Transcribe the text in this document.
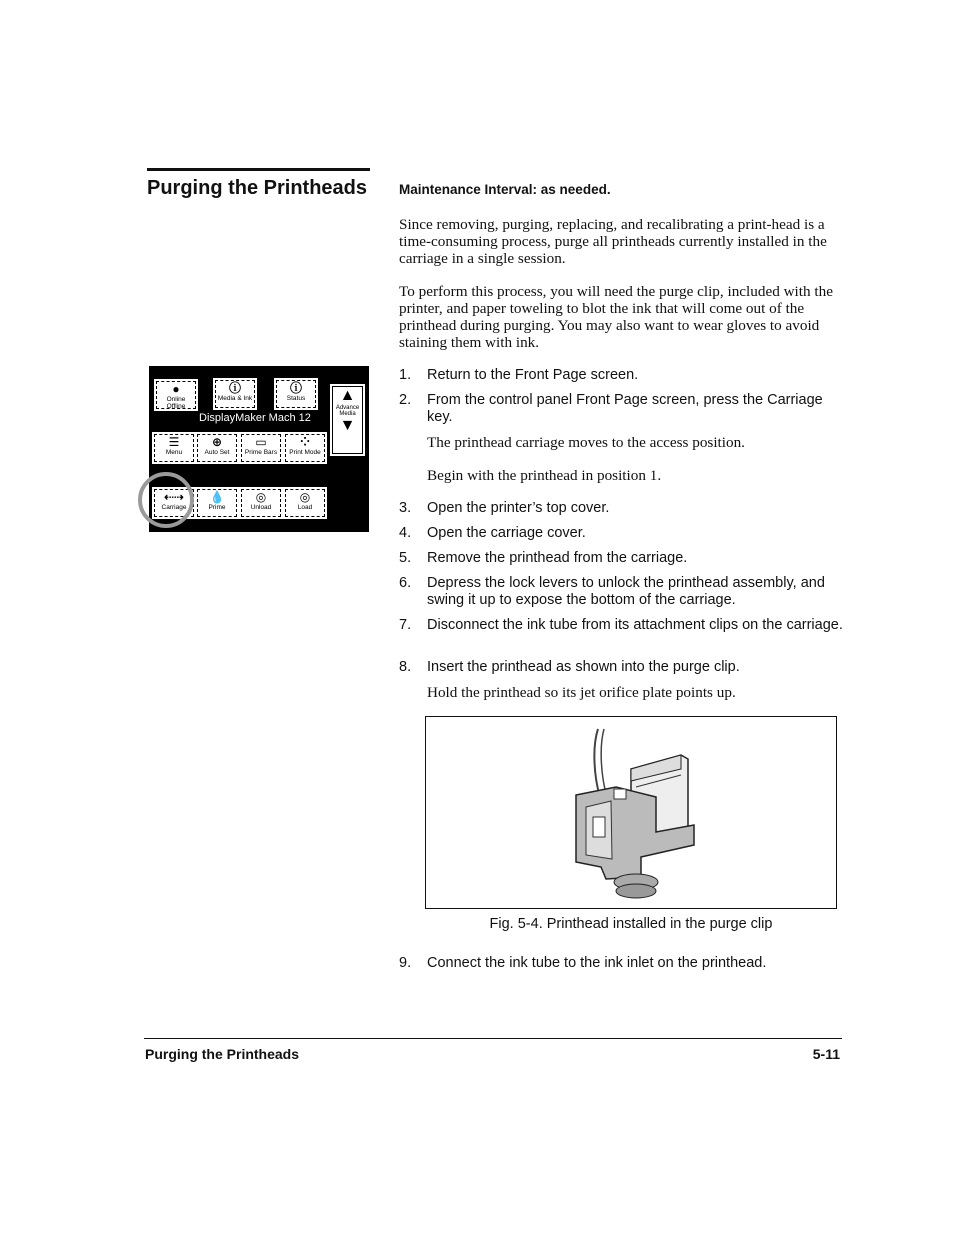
Purging the Printheads	Maintenance Interval: as needed.

Since removing, purging, replacing, and recalibrating a print-head is a time-consuming process, purge all printheads currently installed in the carriage in a single session.

To perform this process, you will need the purge clip, included with the printer, and paper toweling to blot the ink that will come out of the printhead during purging. You may also want to wear gloves to avoid staining them with ink.

●
Online Offline
ⓘ
Media & Ink
ⓘ
Status	▲
Advance Media
▼
DisplayMaker Mach 12
☰
Menu
⊕
Auto Set
▭
Prime Bars
⁘
Print Mode
⇠⇢
Carriage
💧
Prime
◎
Unload
◎
Load
1.	Return to the Front Page screen.
2.	From the control panel Front Page screen, press the Carriage key.
The printhead carriage moves to the access position.
Begin with the printhead in position 1.
3.	Open the printer’s top cover.
4.	Open the carriage cover.
5.	Remove the printhead from the carriage.
6.	Depress the lock levers to unlock the printhead assembly, and swing it up to expose the bottom of the carriage.
7.	Disconnect the ink tube from its attachment clips on the carriage.
8.	Insert the printhead as shown into the purge clip.
Hold the printhead so its jet orifice plate points up.
Fig. 5-4. Printhead installed in the purge clip
9.	Connect the ink tube to the ink inlet on the printhead.
Purging the Printheads	5-11
